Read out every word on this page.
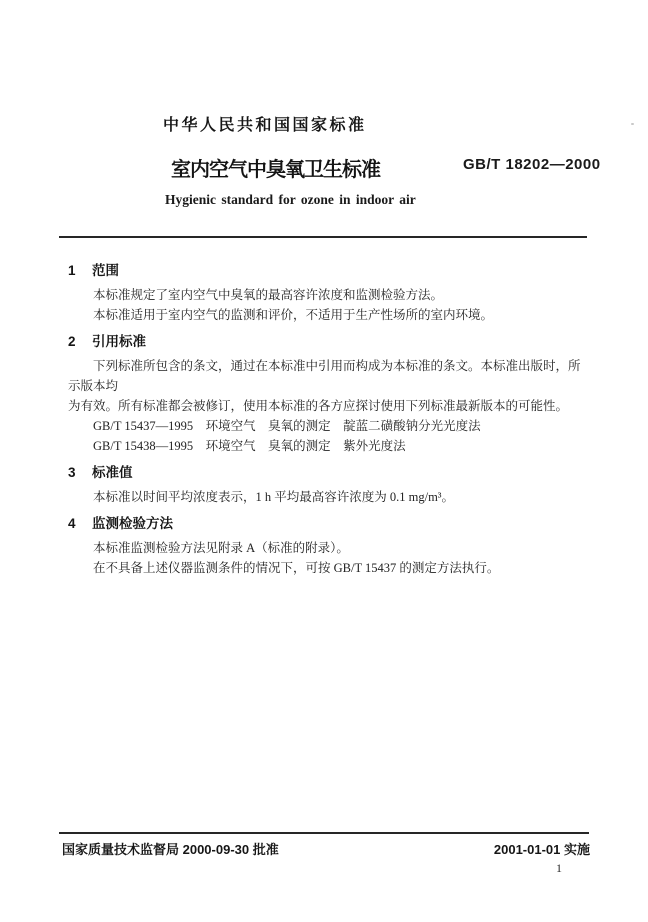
中华人民共和国国家标准
室内空气中臭氧卫生标准	GB/T 18202—2000
Hygienic standard for ozone in indoor air
1 范围

本标准规定了室内空气中臭氧的最高容许浓度和监测检验方法。

本标准适用于室内空气的监测和评价，不适用于生产性场所的室内环境。

2 引用标准

下列标准所包含的条文，通过在本标准中引用而构成为本标准的条文。本标准出版时，所示版本均

为有效。所有标准都会被修订，使用本标准的各方应探讨使用下列标准最新版本的可能性。

GB/T 15437—1995　环境空气　臭氧的测定　靛蓝二磺酸钠分光光度法

GB/T 15438—1995　环境空气　臭氧的测定　紫外光度法

3 标准值

本标准以时间平均浓度表示，1 h 平均最高容许浓度为 0.1 mg/m³。

4 监测检验方法

本标准监测检验方法见附录 A（标准的附录）。

在不具备上述仪器监测条件的情况下，可按 GB/T 15437 的测定方法执行。

国家质量技术监督局 2000-09-30 批准	2001-01-01 实施
1
